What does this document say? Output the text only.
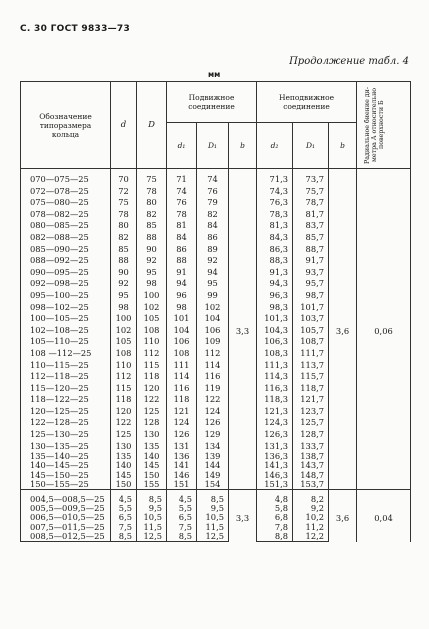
С. 30 ГОСТ 9833—73
Продолжение табл. 4
мм
Обозначение типоразмера кольца	d	D	Подвижное соединение			Неподвижное соединение			Радиальное биение ди-метра A относительно поверхности Б

			d₁	D₁	b	d₂	D₁	b	

070—075—25	70	75	71	74	3,3	71,3	73,7	3,6	0,06
072—078—25	72	78	74	76		74,3	75,7		
075—080—25	75	80	76	79		76,3	78,7		
078—082—25	78	82	78	82		78,3	81,7		
080—085—25	80	85	81	84		81,3	83,7		
082—088—25	82	88	84	86		84,3	85,7		
085—090—25	85	90	86	89		86,3	88,7		
088—092—25	88	92	88	92		88,3	91,7		
090—095—25	90	95	91	94		91,3	93,7		
092—098—25	92	98	94	95		94,3	95,7		
095—100—25	95	100	96	99		96,3	98,7		
098—102—25	98	102	98	102		98,3	101,7		
100—105—25	100	105	101	104		101,3	103,7		
102—108—25	102	108	104	106		104,3	105,7		
105—110—25	105	110	106	109		106,3	108,7		
108 —112—25	108	112	108	112		108,3	111,7		
110—115—25	110	115	111	114		111,3	113,7		
112—118—25	112	118	114	116		114,3	115,7		
115—120—25	115	120	116	119		116,3	118,7		
118—122—25	118	122	118	122		118,3	121,7		
120—125—25	120	125	121	124		121,3	123,7		
122—128—25	122	128	124	126		124,3	125,7		
125—130—25	125	130	126	129		126,3	128,7		
130—135—25	130	135	131	134		131,3	133,7		
135—140—25	135	140	136	139		136,3	138,7		
140—145—25	140	145	141	144		141,3	143,7		
145—150—25	145	150	146	149		146,3	148,7		
150—155—25	150	155	151	154		151,3	153,7		

004,5—008,5—25	4,5	8,5	4,5	8,5	3,3	4,8	8,2	3,6	0,04
005,5—009,5—25	5,5	9,5	5,5	9,5		5,8	9,2		
006,5—010,5—25	6,5	10,5	6,5	10,5		6,8	10,2		
007,5—011,5—25	7,5	11,5	7,5	11,5		7,8	11,2		
008,5—012,5—25	8,5	12,5	8,5	12,5		8,8	12,2		
